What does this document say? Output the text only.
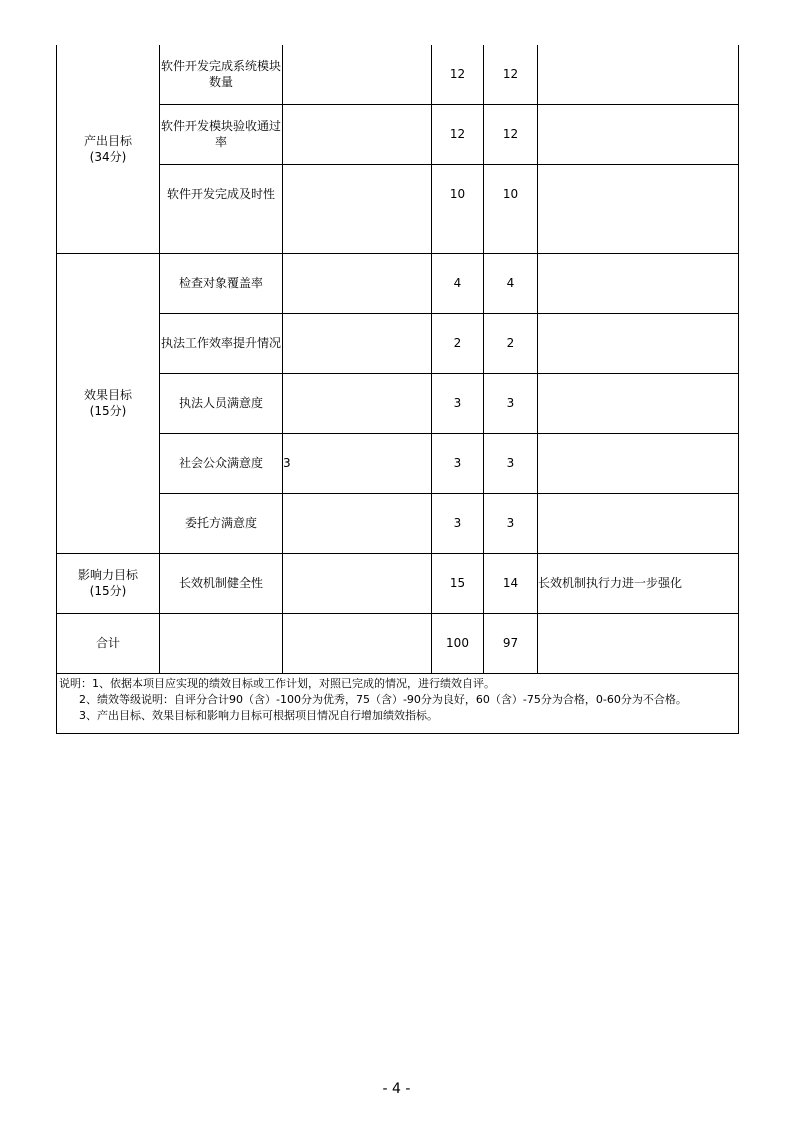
产出目标
(34分)	软件开发完成系统模块数量		12	12	
	软件开发模块验收通过率		12	12	
	软件开发完成及时性		10	10	

效果目标
(15分)	检查对象覆盖率		4	4	
	执法工作效率提升情况		2	2	
	执法人员满意度		3	3	
	社会公众满意度	3	3	3	
	委托方满意度		3	3	

影响力目标
(15分)	长效机制健全性		15	14	长效机制执行力进一步强化
合计			100	97	

说明：1、依据本项目应实现的绩效目标或工作计划，对照已完成的情况，进行绩效自评。
2、绩效等级说明：自评分合计90（含）-100分为优秀，75（含）-90分为良好，60（含）-75分为合格，0-60分为不合格。
3、产出目标、效果目标和影响力目标可根据项目情况自行增加绩效指标。					
- 4 -
